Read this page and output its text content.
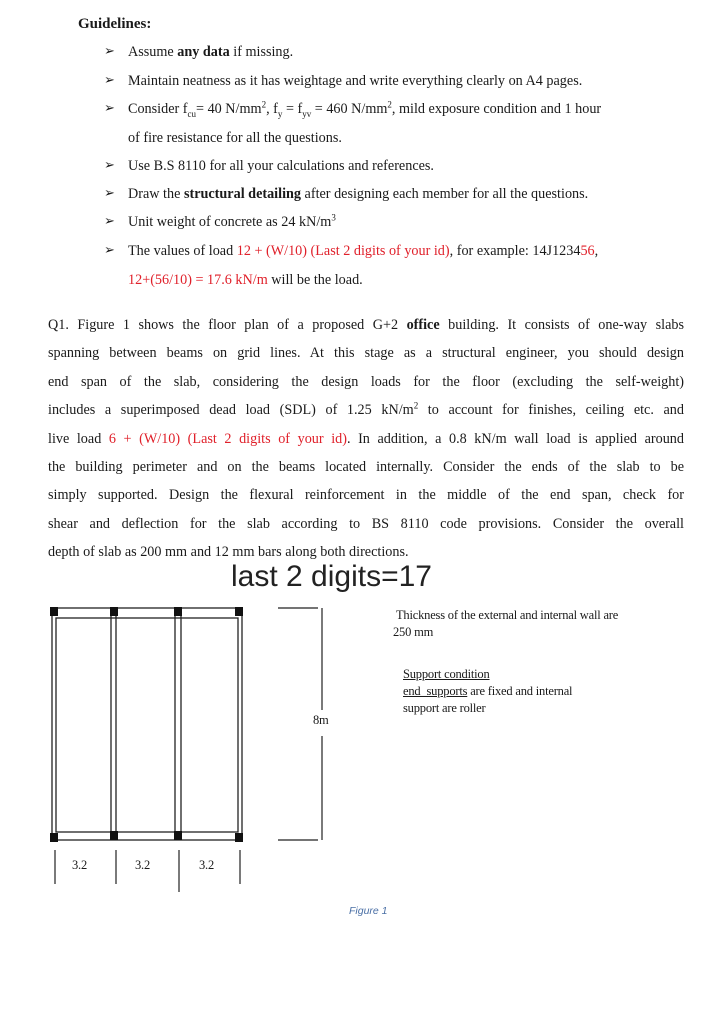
Guidelines:
➢ Assume any data if missing.
➢ Maintain neatness as it has weightage and write everything clearly on A4 pages.
➢ Consider $f_{cu}= 40$ $N/mm^2$, $f_y = f_{yv} = 460$ $N/mm^2$, mild exposure condition and 1 hour
of fire resistance for all the questions.
➢ Use B.S 8110 for all your calculations and references.
➢ Draw the structural detailing after designing each member for all the questions.
➢ Unit weight of concrete as 24 $kN/m^3$
➢ The values of load 12 + (W/10) (Last 2 digits of your id), for example: 14J123456,
12+(56/10) = 17.6 kN/m will be the load.
Q1. Figure 1 shows the floor plan of a proposed G+2 office building. It consists of one-way slabs
spanning between beams on grid lines. At this stage as a structural engineer, you should design
end span of the slab, considering the design loads for the floor (excluding the self-weight)
includes a superimposed dead load (SDL) of 1.25 $kN/m^2$ to account for finishes, ceiling etc. and
live load 6 + (W/10) (Last 2 digits of your id). In addition, a 0.8 kN/m wall load is applied around
the building perimeter and on the beams located internally. Consider the ends of the slab to be
simply supported. Design the flexural reinforcement in the middle of the end span, check for
shear and deflection for the slab according to BS 8110 code provisions. Consider the overall
depth of slab as 200 mm and 12 mm bars along both directions.
last 2 digits=17
8m
3.2	3.2	3.2
Thickness of the external and internal wall are
250 mm
Support condition
end_supports are fixed and internal
support are roller
Figure 1
